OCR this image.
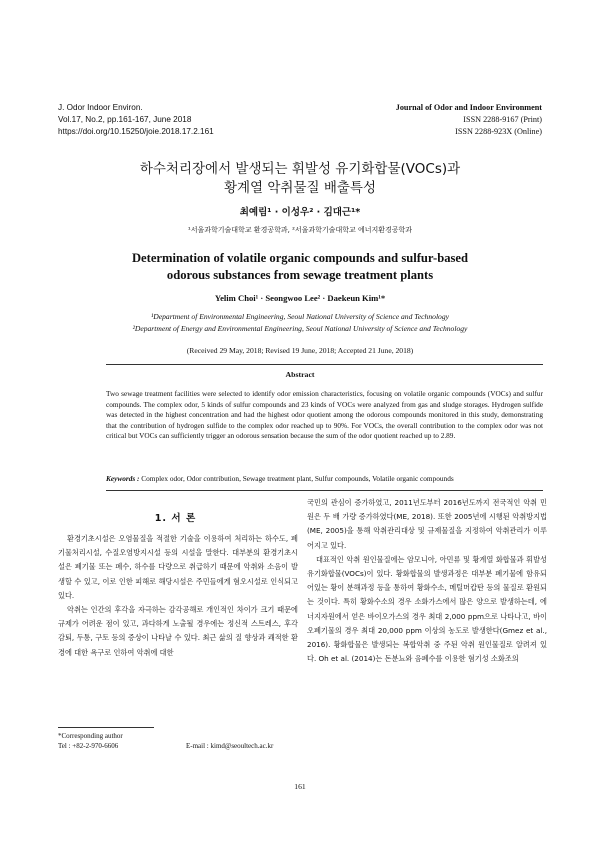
J. Odor Indoor Environ.
Vol.17, No.2, pp.161-167, June 2018
https://doi.org/10.15250/joie.2018.17.2.161
Journal of Odor and Indoor Environment
ISSN 2288-9167 (Print)
ISSN 2288-923X (Online)
하수처리장에서 발생되는 휘발성 유기화합물(VOCs)과
황계열 악취물질 배출특성
최예림¹ · 이성우² · 김대근¹*
¹서울과학기술대학교 환경공학과, ²서울과학기술대학교 에너지환경공학과
Determination of volatile organic compounds and sulfur-based
odorous substances from sewage treatment plants
Yelim Choi¹ · Seongwoo Lee² · Daekeun Kim¹*
¹Department of Environmental Engineering, Seoul National University of Science and Technology
²Department of Energy and Environmental Engineering, Seoul National University of Science and Technology
(Received 29 May, 2018; Revised 19 June, 2018; Accepted 21 June, 2018)
Abstract
Two sewage treatment facilities were selected to identify odor emission characteristics, focusing on volatile organic compounds (VOCs) and sulfur compounds. The complex odor, 5 kinds of sulfur compounds and 23 kinds of VOCs were analyzed from gas and sludge storages. Hydrogen sulfide was detected in the highest concentration and had the highest odor quotient among the odorous compounds monitored in this study, demonstrating that the contribution of hydrogen sulfide to the complex odor reached up to 90%. For VOCs, the overall contribution to the complex odor was not critical but VOCs can sufficiently trigger an odorous sensation because the sum of the odor quotient reached up to 2.89.
Keywords : Complex odor, Odor contribution, Sewage treatment plant, Sulfur compounds, Volatile organic compounds
1. 서 론

환경기초시설은 오염물질을 적절한 기술을 이용하여 처리하는 하수도, 폐기물처리시설, 수질오염방지시설 등의 시설을 말한다. 대부분의 환경기초시설은 폐기물 또는 폐수, 하수를 다량으로 취급하기 때문에 악취와 소음이 발생할 수 있고, 이로 인한 피해로 해당시설은 주민들에게 혐오시설로 인식되고 있다.

악취는 인간의 후각을 자극하는 감각공해로 개인적인 차이가 크기 때문에 규제가 어려운 점이 있고, 과다하게 노출될 경우에는 정신적 스트레스, 후각감퇴, 두통, 구토 등의 증상이 나타날 수 있다. 최근 삶의 질 향상과 쾌적한 환경에 대한 욕구로 인하여 악취에 대한

국민의 관심이 증가하였고, 2011년도부터 2016년도까지 전국적인 악취 민원은 두 배 가량 증가하였다(ME, 2018). 또한 2005년에 시행된 악취방지법(ME, 2005)을 통해 악취관리대상 및 규제물질을 지정하여 악취관리가 이루어지고 있다.

대표적인 악취 원인물질에는 암모니아, 아민류 및 황계열 화합물과 휘발성 유기화합물(VOCs)이 있다. 황화합물의 발생과정은 대부분 폐기물에 함유되어있는 황이 분해과정 등을 통하여 황화수소, 메틸머캅탄 등의 물질로 환원되는 것이다. 특히 황화수소의 경우 소화가스에서 많은 양으로 발생하는데, 에너지자원에서 얻은 바이오가스의 경우 최대 2,000 ppm으로 나타나고, 바이오폐기물의 경우 최대 20,000 ppm 이상의 농도로 발생한다(Gmez et al., 2016). 황화합물은 발생되는 복합악취 중 주된 악취 원인물질로 알려져 있다. Oh et al. (2014)는 돈분뇨와 음폐수를 이용한 혐기성 소화조의

*Corresponding author
Tel : +82-2-970-6606	E-mail : kimd@seoultech.ac.kr
161
